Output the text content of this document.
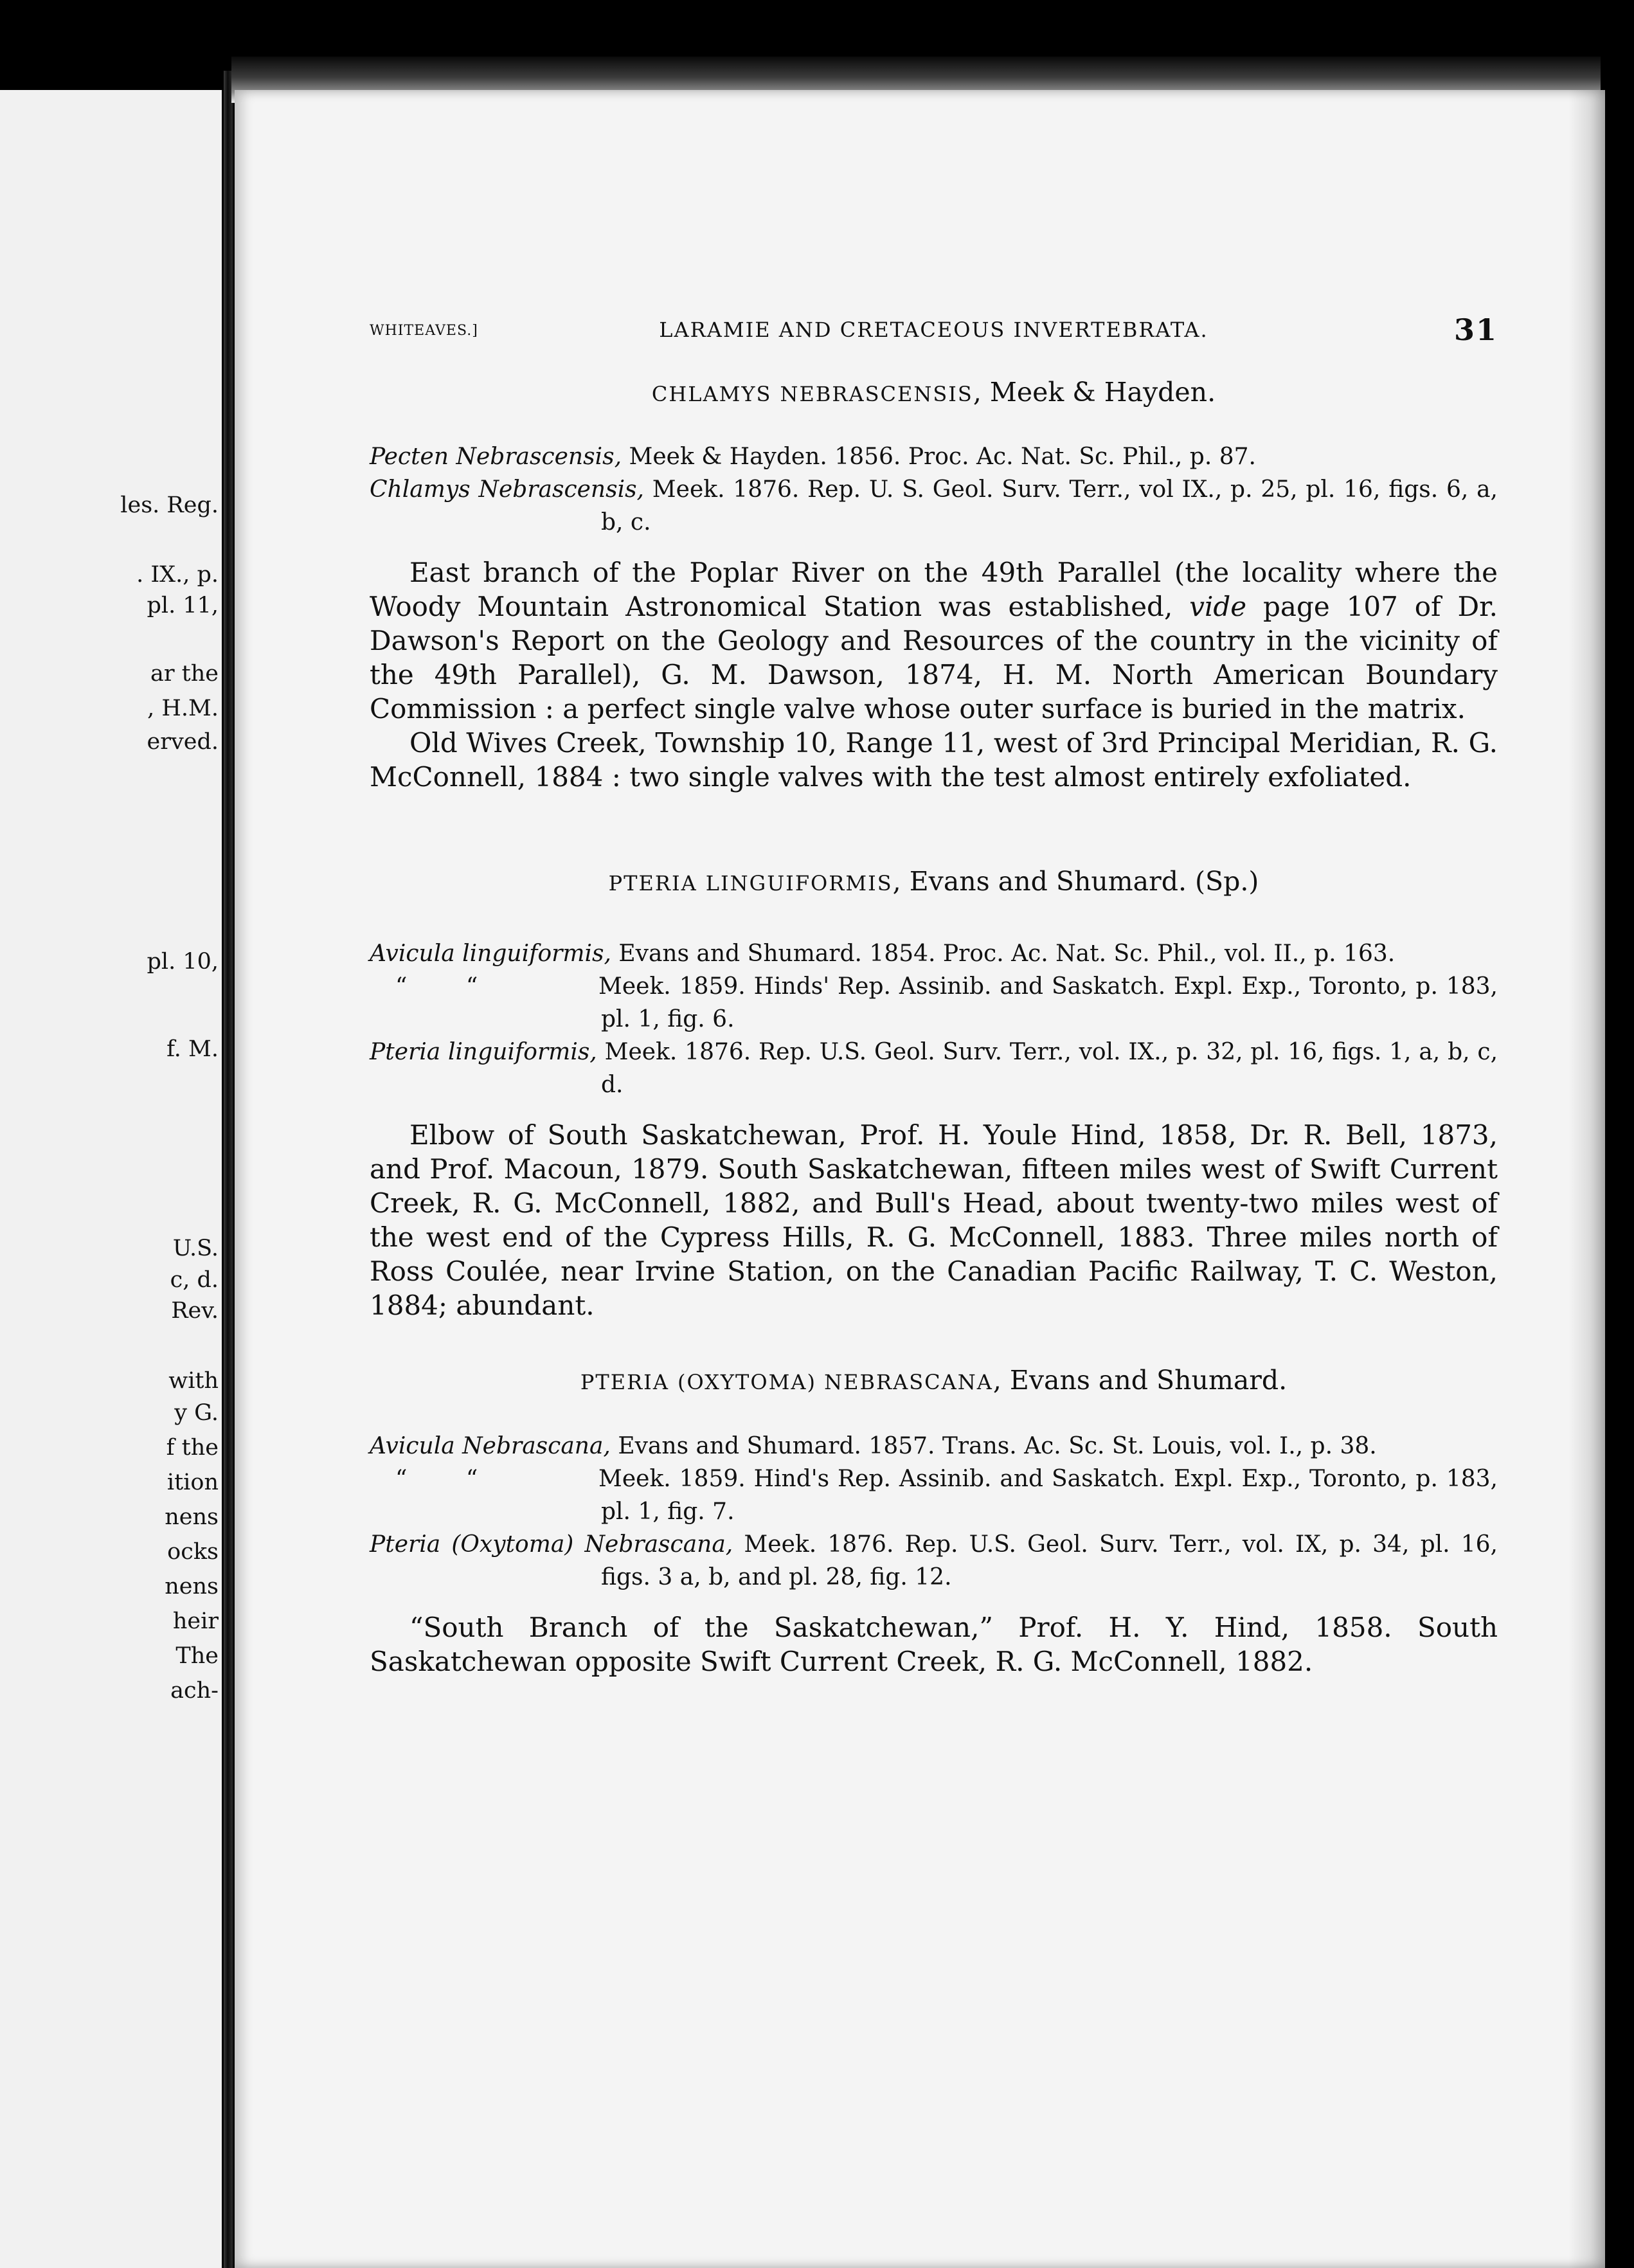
les. Reg.
. IX., p.
pl. 11,
ar the
, H.M.
erved.
pl. 10,
f. M.
U.S.
c, d.
Rev.
with
y G.
f the
ition
nens
ocks
nens
heir
The
ach-
WHITEAVES.]	LARAMIE AND CRETACEOUS INVERTEBRATA.	31
CHLAMYS NEBRASCENSIS, Meek & Hayden.
Pecten Nebrascensis, Meek & Hayden. 1856. Proc. Ac. Nat. Sc. Phil., p. 87.
Chlamys Nebrascensis, Meek. 1876. Rep. U. S. Geol. Surv. Terr., vol IX., p. 25, pl. 16, figs. 6, a, b, c.

East branch of the Poplar River on the 49th Parallel (the locality where the Woody Mountain Astronomical Station was established, vide page 107 of Dr. Dawson's Report on the Geology and Resources of the country in the vicinity of the 49th Parallel), G. M. Dawson, 1874, H. M. North American Boundary Commission : a perfect single valve whose outer surface is buried in the matrix.

Old Wives Creek, Township 10, Range 11, west of 3rd Principal Meridian, R. G. McConnell, 1884 : two single valves with the test almost entirely exfoliated.

PTERIA LINGUIFORMIS, Evans and Shumard. (Sp.)
Avicula linguiformis, Evans and Shumard. 1854. Proc. Ac. Nat. Sc. Phil., vol. II., p. 163.
“ “	Meek. 1859. Hinds' Rep. Assinib. and Saskatch. Expl. Exp., Toronto, p. 183, pl. 1, fig. 6.
Pteria linguiformis, Meek. 1876. Rep. U.S. Geol. Surv. Terr., vol. IX., p. 32, pl. 16, figs. 1, a, b, c, d.

Elbow of South Saskatchewan, Prof. H. Youle Hind, 1858, Dr. R. Bell, 1873, and Prof. Macoun, 1879. South Saskatchewan, fifteen miles west of Swift Current Creek, R. G. McConnell, 1882, and Bull's Head, about twenty-two miles west of the west end of the Cypress Hills, R. G. McConnell, 1883. Three miles north of Ross Coulée, near Irvine Station, on the Canadian Pacific Railway, T. C. Weston, 1884; abundant.

PTERIA (OXYTOMA) NEBRASCANA, Evans and Shumard.
Avicula Nebrascana, Evans and Shumard. 1857. Trans. Ac. Sc. St. Louis, vol. I., p. 38.
“ “	Meek. 1859. Hind's Rep. Assinib. and Saskatch. Expl. Exp., Toronto, p. 183, pl. 1, fig. 7.
Pteria (Oxytoma) Nebrascana, Meek. 1876. Rep. U.S. Geol. Surv. Terr., vol. IX, p. 34, pl. 16, figs. 3 a, b, and pl. 28, fig. 12.

“South Branch of the Saskatchewan,” Prof. H. Y. Hind, 1858. South Saskatchewan opposite Swift Current Creek, R. G. McConnell, 1882.
